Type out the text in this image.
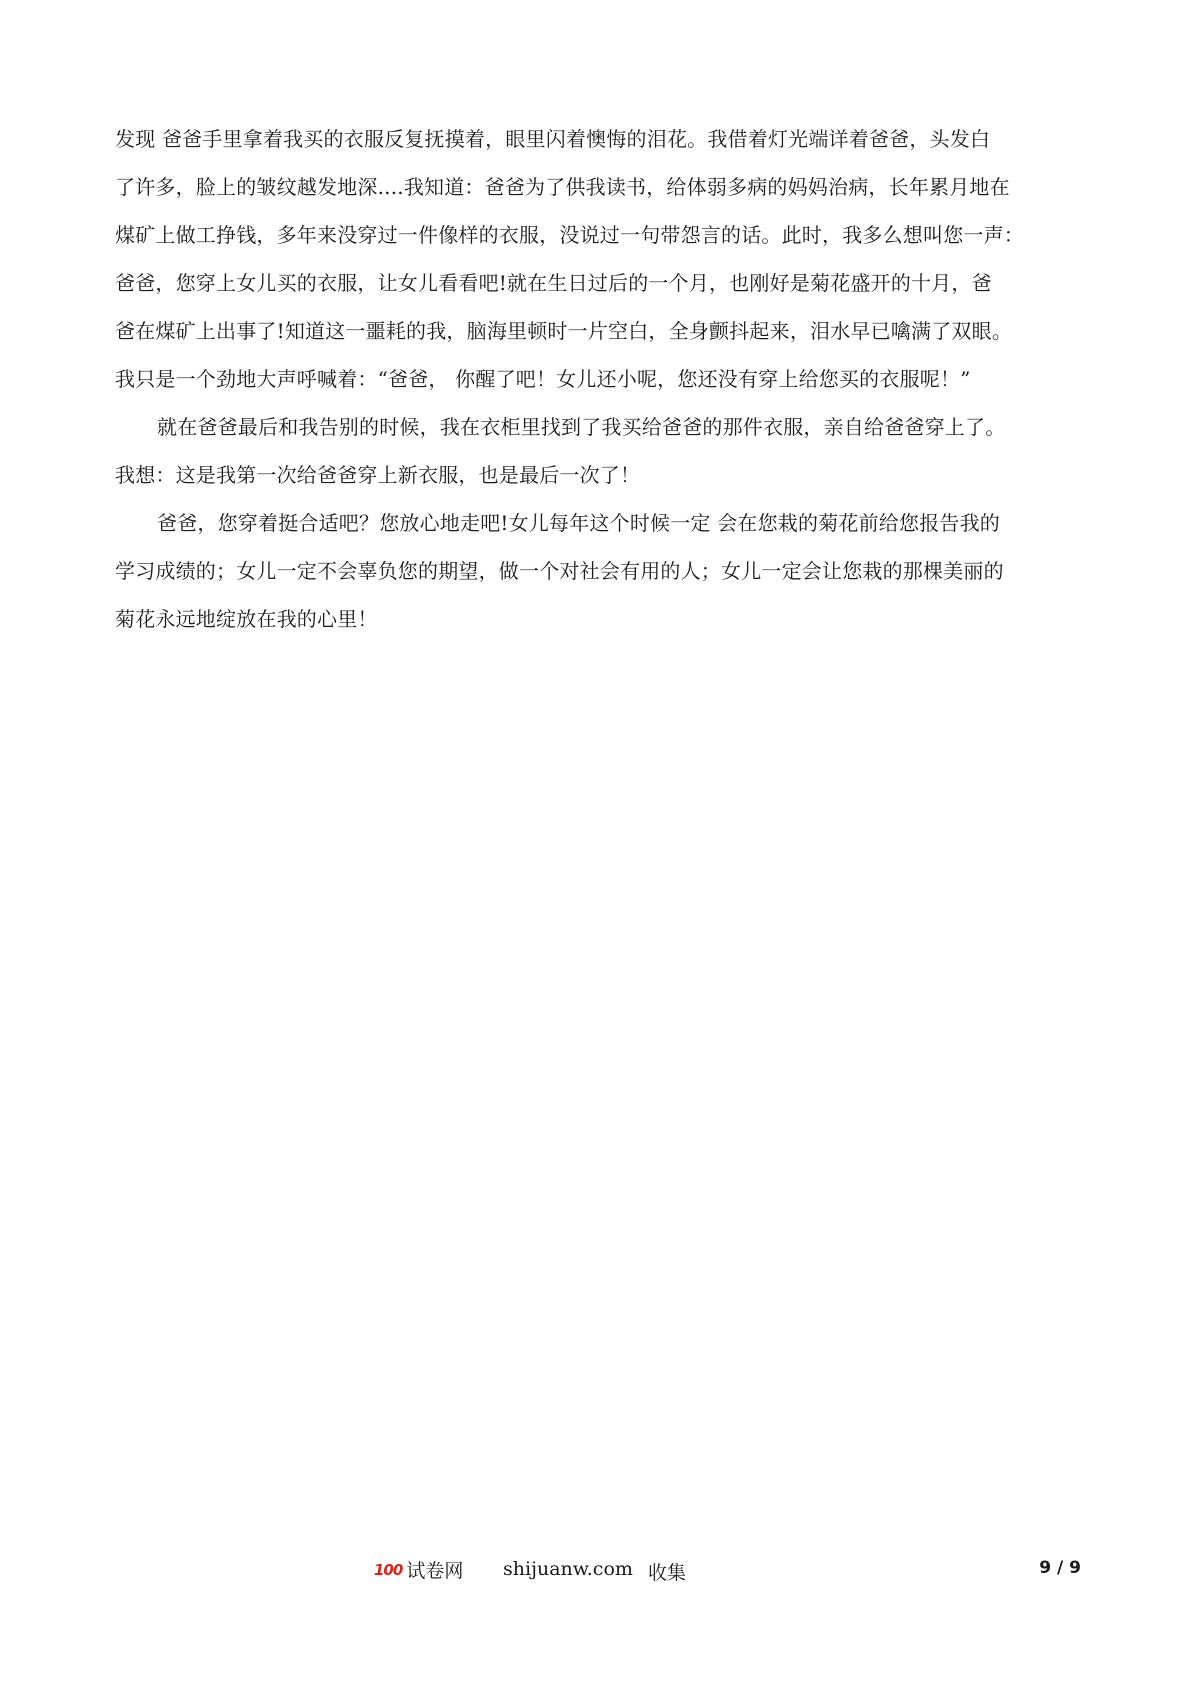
发现 爸爸手里拿着我买的衣服反复抚摸着，眼里闪着懊悔的泪花。我借着灯光端详着爸爸，头发白
了许多，脸上的皱纹越发地深....我知道：爸爸为了供我读书，给体弱多病的妈妈治病，长年累月地在
煤矿上做工挣钱，多年来没穿过一件像样的衣服，没说过一句带怨言的话。此时，我多么想叫您一声：
爸爸，您穿上女儿买的衣服，让女儿看看吧!就在生日过后的一个月，也刚好是菊花盛开的十月，爸
爸在煤矿上出事了!知道这一噩耗的我，脑海里顿时一片空白，全身颤抖起来，泪水早已噙满了双眼。
我只是一个劲地大声呼喊着：“爸爸， 你醒了吧！女儿还小呢，您还没有穿上给您买的衣服呢！”
就在爸爸最后和我告别的时候，我在衣柜里找到了我买给爸爸的那件衣服，亲自给爸爸穿上了。
我想：这是我第一次给爸爸穿上新衣服，也是最后一次了！
爸爸，您穿着挺合适吧？您放心地走吧!女儿每年这个时候一定 会在您栽的菊花前给您报告我的
学习成绩的；女儿一定不会辜负您的期望，做一个对社会有用的人；女儿一定会让您栽的那棵美丽的
菊花永远地绽放在我的心里！
100 试卷网 shijuanw.com 收集	9 / 9
